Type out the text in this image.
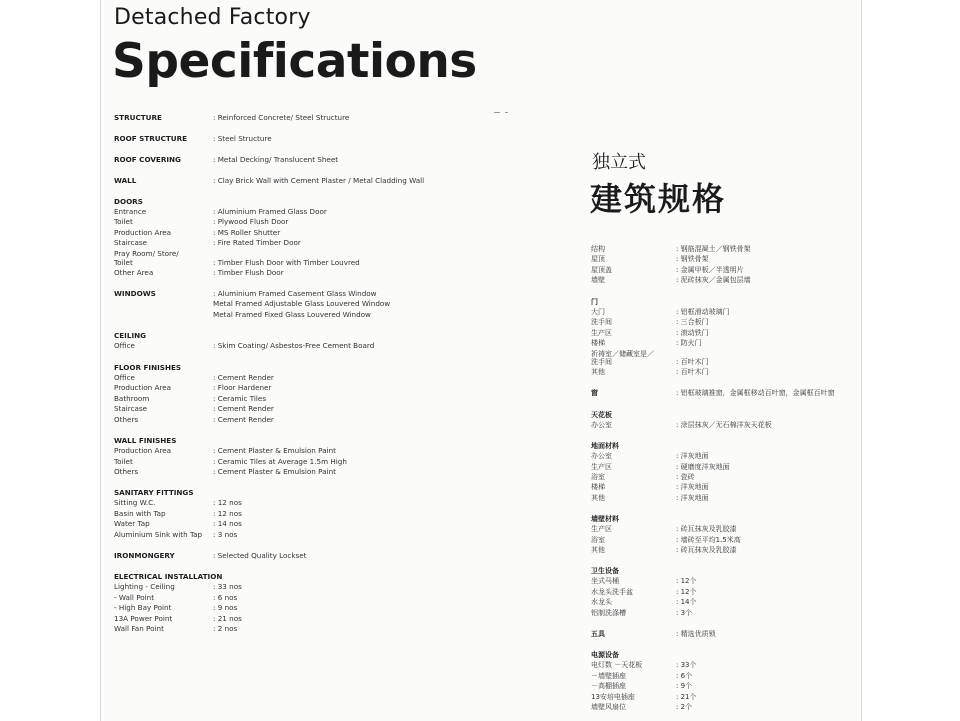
Detached Factory
Specifications
独立式
建筑规格
STRUCTURE	: Reinforced Concrete/ Steel Structure
ROOF STRUCTURE	: Steel Structure
ROOF COVERING	: Metal Decking/ Translucent Sheet
WALL	: Clay Brick Wall with Cement Plaster / Metal Cladding Wall
DOORS
Entrance	: Aluminium Framed Glass Door
Toilet	: Plywood Flush Door
Production Area	: MS Roller Shutter
Staircase	: Fire Rated Timber Door
Pray Room/ Store/
Toilet	: Timber Flush Door with Timber Louvred
Other Area	: Timber Flush Door
WINDOWS	: Aluminium Framed Casement Glass Window
Metal Framed Adjustable Glass Louvered Window
Metal Framed Fixed Glass Louvered Window
CEILING
Office	: Skim Coating/ Asbestos-Free Cement Board
FLOOR FINISHES
Office	: Cement Render
Production Area	: Floor Hardener
Bathroom	: Ceramic Tiles
Staircase	: Cement Render
Others	: Cement Render
WALL FINISHES
Production Area	: Cement Plaster & Emulsion Paint
Toilet	: Ceramic Tiles at Average 1.5m High
Others	: Cement Plaster & Emulsion Paint
SANITARY FITTINGS
Sitting W.C.	: 12 nos
Basin with Tap	: 12 nos
Water Tap	: 14 nos
Aluminium Sink with Tap : 3 nos
IRONMONGERY	: Selected Quality Lockset
ELECTRICAL INSTALLATION
Lighting - Ceiling	: 33 nos
- Wall Point	: 6 nos
- High Bay Point	: 9 nos
13A Power Point	: 21 nos
Wall Fan Point	: 2 nos
结构	: 钢筋混凝土／钢铁骨架
屋顶	: 钢铁骨架
屋顶盖	: 金属甲板／半透明片
墙壁	: 泥砖抹灰／金属包层墙
门
大门	: 铝框滑动玻璃门
洗手间	: 三合板门
生产区	: 滚动铁门
楼梯	: 防火门
祈祷室／储藏室是／
洗手间	: 百叶木门
其他	: 百叶木门
窗	: 铝框玻璃推窗，金属框移动百叶窗，金属框百叶窗
天花板
办公室	: 涂层抹灰／无石棉洋灰天花板
地面材料
办公室	: 洋灰地面
生产区	: 硬磨度洋灰地面
浴室	: 瓷砖
楼梯	: 洋灰地面
其他	: 洋灰地面
墙壁材料
生产区	: 砖瓦抹灰及乳胶漆
浴室	: 墙砖至平均1.5米高
其他	: 砖瓦抹灰及乳胶漆
卫生设备
坐式马桶	: 12个
水龙头洗手盆	: 12个
水龙头	: 14个
铝制洗涤槽	: 3个
五具	: 精选优质锁
电源设备
电灯数 －天花板	: 33个
－墙壁插座	: 6个
－高棚插座	: 9个
13安培电插座	: 21个
墙壁风扇位	: 2个
